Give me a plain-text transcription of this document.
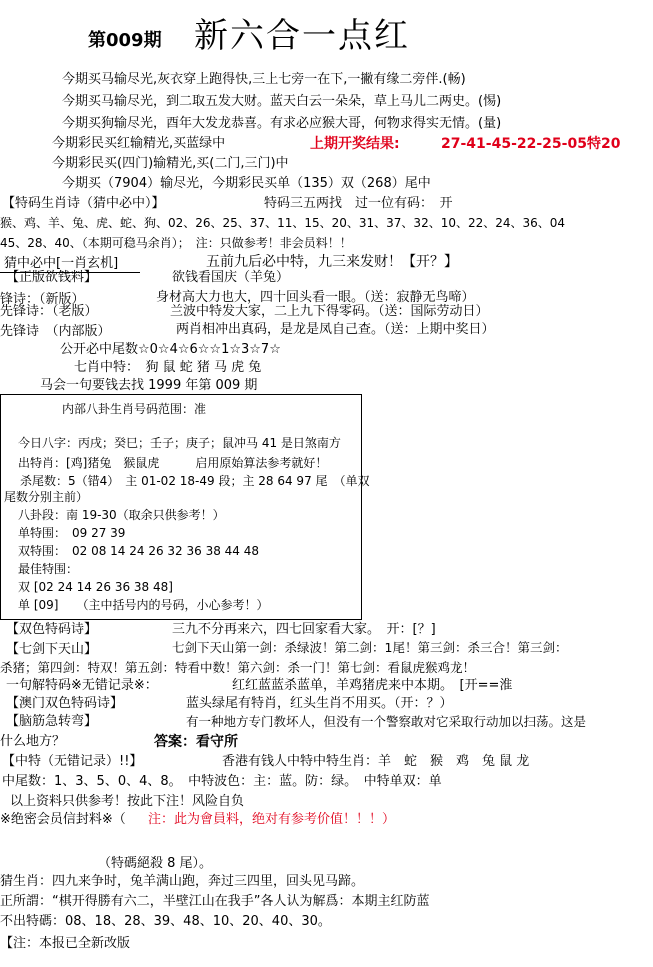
第009期 新六合一点红
今期买马输尽光,灰衣穿上跑得快,三上七旁一在下,一撇有缘二旁伴.(畅)
今期买马输尽光，到二取五发大财。蓝天白云一朵朵，草上马儿二两史。(惕)
今期买狗输尽光，酉年大发龙恭喜。有求必应猴大哥，何物求得实无情。(量)
今期彩民买红输精光,买蓝绿中	上期开奖结果:	27-41-45-22-25-05特20
今期彩民买(四门)输精光,买(二门,三门)中
今期买（7904）输尽光，今期彩民买单（135）双（268）尾中
【特码生肖诗（猜中必中）】	特码三五两找　过一位有码：　开
猴、鸡、羊、兔、虎、蛇、狗、02、26、25、37、11、15、20、31、37、32、10、22、24、36、04
45、28、40、（本期可稳马余肖）；　注：只做参考！非会员料！！
猜中必中[一肖玄机]	五前九后必中特，九三来发财！【开？】
【正版欲钱料】	欲钱看国庆（羊兔）
锋诗：（新版）	身材高大力也大，四十回头看一眼。（送：寂静无鸟啼）
先锋诗：（老版）	兰波中特发大家，二上九下得零码。（送：国际劳动日）
先锋诗　（内部版）	两肖相冲出真码，是龙是凤自己查。（送：上期中奖日）
公开必中尾数☆0☆4☆6☆☆1☆3☆7☆
七肖中特：　狗 鼠 蛇 猪 马 虎 兔
马会一句要钱去找 1999 年第 009 期
内部八卦生肖号码范围：准
今日八字：丙戌；癸巳；壬子；庚子；鼠冲马 41 是日煞南方
出特肖：[鸡]猪兔　猴鼠虎　　　启用原始算法参考就好！
杀尾数：5（错4）　主 01-02 18-49 段；主 28 64 97 尾　（单双
尾数分别主前）
八卦段：南 19-30（取余只供参考！）
单特围：　09 27 39
双特围：　02 08 14 24 26 32 36 38 44 48
最佳特围：
双 [02 24 14 26 36 38 48]
单 [09]　　（主中括号内的号码，小心参考！）
【双色特码诗】	三九不分再来六，四七回家看大家。　开：[？]
【七剑下天山】	七剑下天山第一剑：杀绿波！第二剑：1尾！第三剑：杀三合！第三剑：
杀猪；第四剑：特双！第五剑：特看中数！第六剑：杀一门！第七剑：看鼠虎猴鸡龙！
一句解特码※无错记录※：	红红蓝蓝杀蓝单，羊鸡猪虎来中本期。　[开==淮
【澳门双色特码诗】	蓝头绿尾有特肖，红头生肖不用买。（开：？）
【脑筋急转弯】	有一种地方专门教坏人，但没有一个警察敢对它采取行动加以扫荡。这是
什么地方？	答案：看守所
【中特（无错记录）!!】	香港有钱人中特中特生肖：羊　蛇　猴　鸡　兔 鼠 龙
中尾数：1、3、5、0、4、8。　中特波色：主：蓝。防：绿。　中特单双：单
以上资料只供参考！按此下注！风险自负
※绝密会员信封料※（ 注：此为會員料，绝对有参考价值！！！）
（特碼絕殺 8 尾）。
猜生肖：四九来争时，兔羊满山跑，奔过三四里，回头见马蹄。
正所謂：“棋开得勝有六二，半壁江山在我手”各人认为解爲：本期主红防蓝
不出特碼：08、18、28、39、48、10、20、40、30。
【注：本报已全新改版
